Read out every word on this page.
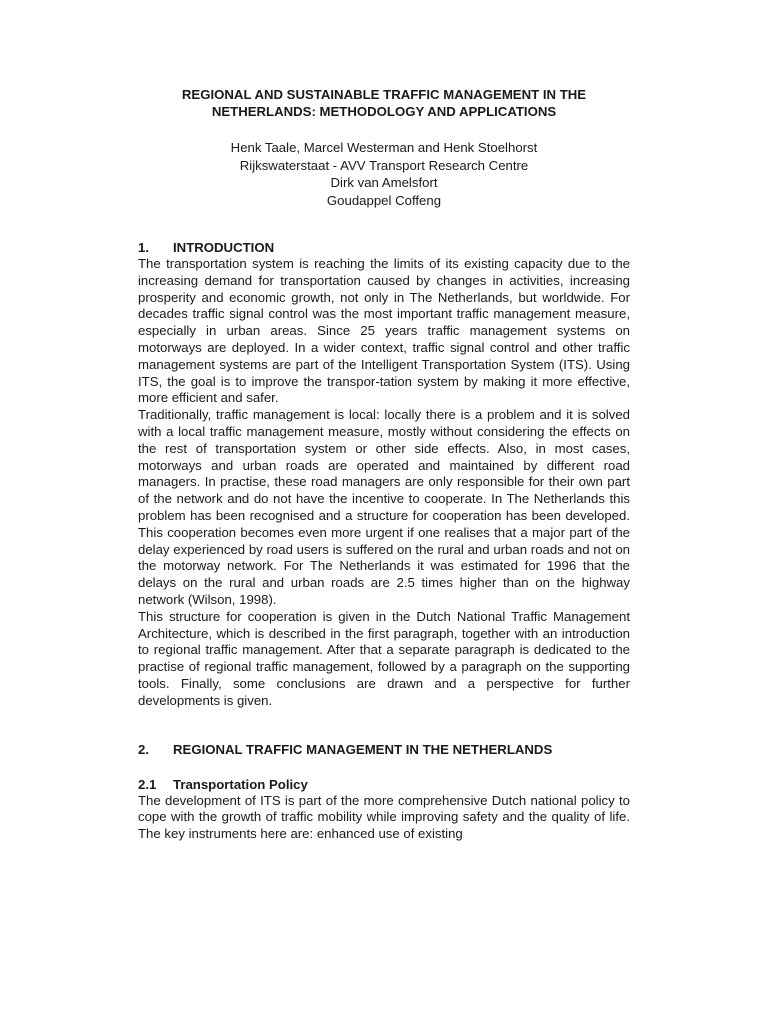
REGIONAL AND SUSTAINABLE TRAFFIC MANAGEMENT IN THE
NETHERLANDS: METHODOLOGY AND APPLICATIONS
Henk Taale, Marcel Westerman and Henk Stoelhorst
Rijkswaterstaat - AVV Transport Research Centre
Dirk van Amelsfort
Goudappel Coffeng
1.	INTRODUCTION

The transportation system is reaching the limits of its existing capacity due to the increasing demand for transportation caused by changes in activities, increasing prosperity and economic growth, not only in The Netherlands, but worldwide. For decades traffic signal control was the most important traffic management measure, especially in urban areas. Since 25 years traffic management systems on motorways are deployed. In a wider context, traffic signal control and other traffic management systems are part of the Intelligent Transportation System (ITS). Using ITS, the goal is to improve the transpor-tation system by making it more effective, more efficient and safer.

Traditionally, traffic management is local: locally there is a problem and it is solved with a local traffic management measure, mostly without considering the effects on the rest of transportation system or other side effects. Also, in most cases, motorways and urban roads are operated and maintained by different road managers. In practise, these road managers are only responsible for their own part of the network and do not have the incentive to cooperate. In The Netherlands this problem has been recognised and a structure for cooperation has been developed. This cooperation becomes even more urgent if one realises that a major part of the delay experienced by road users is suffered on the rural and urban roads and not on the motorway network. For The Netherlands it was estimated for 1996 that the delays on the rural and urban roads are 2.5 times higher than on the highway network (Wilson, 1998).

This structure for cooperation is given in the Dutch National Traffic Management Architecture, which is described in the first paragraph, together with an introduction to regional traffic management. After that a separate paragraph is dedicated to the practise of regional traffic management, followed by a paragraph on the supporting tools. Finally, some conclusions are drawn and a perspective for further developments is given.

2.	REGIONAL TRAFFIC MANAGEMENT IN THE NETHERLANDS
2.1	Transportation Policy

The development of ITS is part of the more comprehensive Dutch national policy to cope with the growth of traffic mobility while improving safety and the quality of life. The key instruments here are: enhanced use of existing
